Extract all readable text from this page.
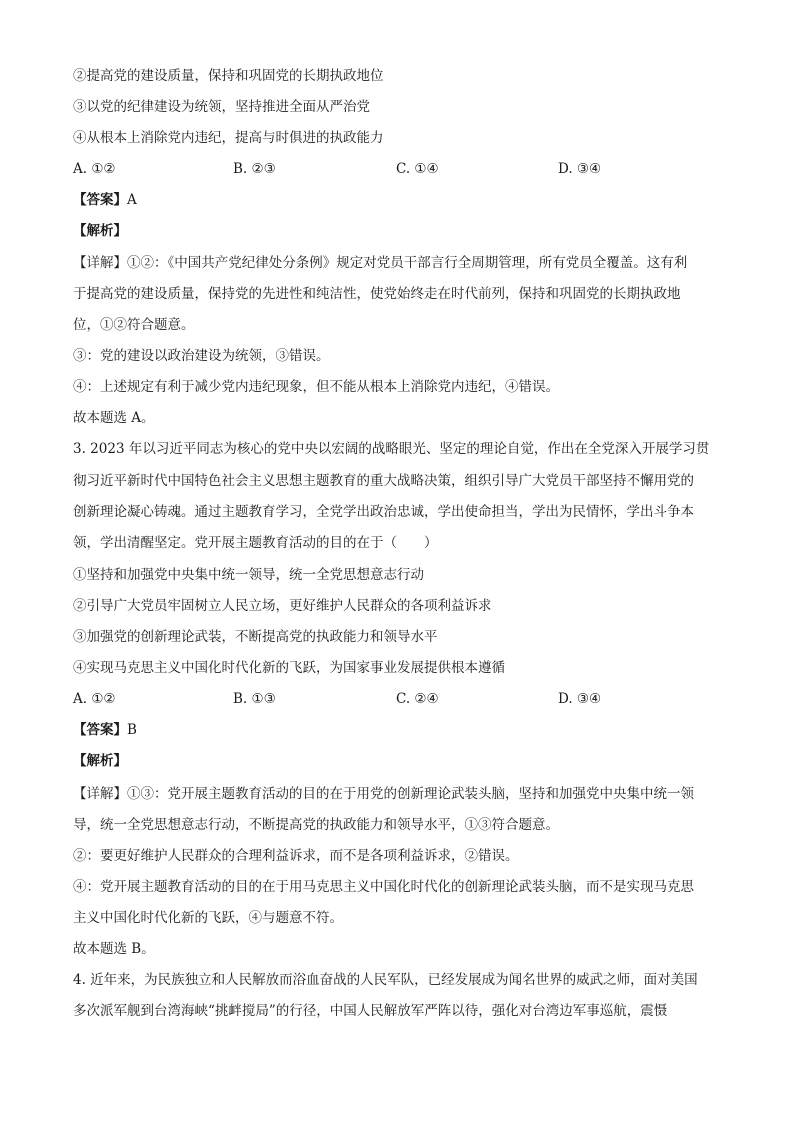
②提高党的建设质量，保持和巩固党的长期执政地位
③以党的纪律建设为统领，坚持推进全面从严治党
④从根本上消除党内违纪，提高与时俱进的执政能力
A. ①②	B. ②③	C. ①④	D. ③④
【答案】A
【解析】
【详解】①②：《中国共产党纪律处分条例》规定对党员干部言行全周期管理，所有党员全覆盖。这有利
于提高党的建设质量，保持党的先进性和纯洁性，使党始终走在时代前列，保持和巩固党的长期执政地
位，①②符合题意。
③：党的建设以政治建设为统领，③错误。
④：上述规定有利于减少党内违纪现象，但不能从根本上消除党内违纪，④错误。
故本题选 A。
3. 2023 年以习近平同志为核心的党中央以宏阔的战略眼光、坚定的理论自觉，作出在全党深入开展学习贯
彻习近平新时代中国特色社会主义思想主题教育的重大战略决策，组织引导广大党员干部坚持不懈用党的
创新理论凝心铸魂。通过主题教育学习，全党学出政治忠诚，学出使命担当，学出为民情怀，学出斗争本
领，学出清醒坚定。党开展主题教育活动的目的在于（　　）
①坚持和加强党中央集中统一领导，统一全党思想意志行动
②引导广大党员牢固树立人民立场，更好维护人民群众的各项利益诉求
③加强党的创新理论武装，不断提高党的执政能力和领导水平
④实现马克思主义中国化时代化新的飞跃，为国家事业发展提供根本遵循
A. ①②	B. ①③	C. ②④	D. ③④
【答案】B
【解析】
【详解】①③：党开展主题教育活动的目的在于用党的创新理论武装头脑，坚持和加强党中央集中统一领
导，统一全党思想意志行动，不断提高党的执政能力和领导水平，①③符合题意。
②：要更好维护人民群众的合理利益诉求，而不是各项利益诉求，②错误。
④：党开展主题教育活动的目的在于用马克思主义中国化时代化的创新理论武装头脑，而不是实现马克思
主义中国化时代化新的飞跃，④与题意不符。
故本题选 B。
4. 近年来，为民族独立和人民解放而浴血奋战的人民军队，已经发展成为闻名世界的威武之师，面对美国
多次派军舰到台湾海峡“挑衅搅局”的行径，中国人民解放军严阵以待，强化对台湾边军事巡航，震慑
